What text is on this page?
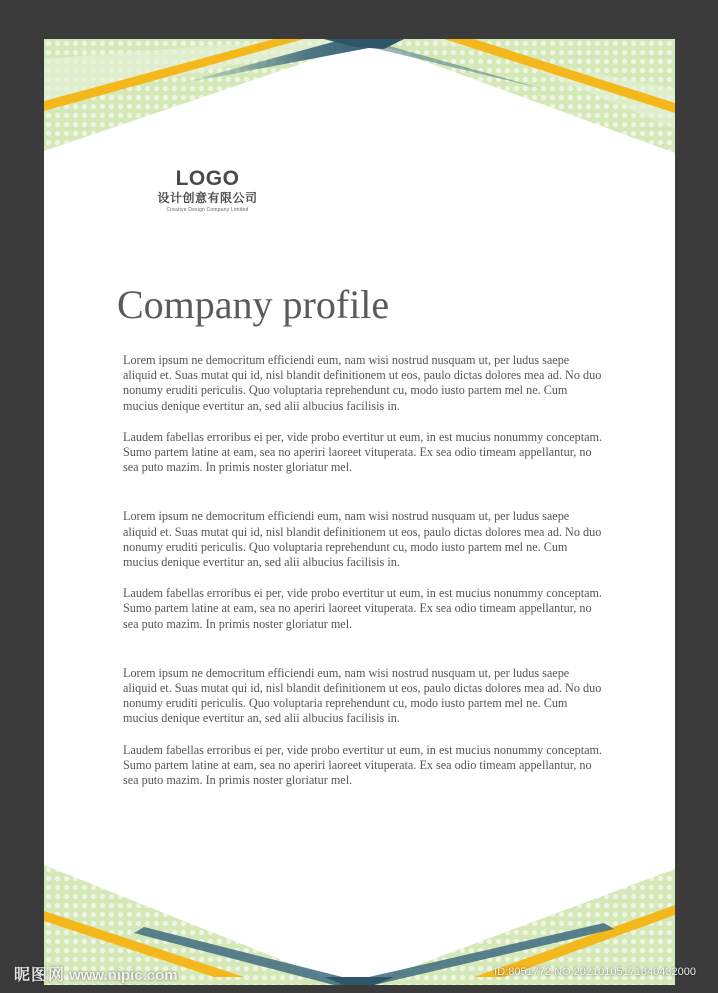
LOGO
设计创意有限公司
Creative Design Company Limited
Company profile

Lorem ipsum ne democritum efficiendi eum, nam wisi nostrud nusquam ut, per ludus saepe aliquid et. Suas mutat qui id, nisl blandit definitionem ut eos, paulo dictas dolores mea ad. No duo nonumy eruditi periculis. Quo voluptaria reprehendunt cu, modo iusto partem mel ne. Cum mucius denique evertitur an, sed alii albucius facilisis in.

Laudem fabellas erroribus ei per, vide probo evertitur ut eum, in est mucius nonummy conceptam. Sumo partem latine at eam, sea no aperiri laoreet vituperata. Ex sea odio timeam appellantur, no sea puto mazim. In primis noster gloriatur mel.

Lorem ipsum ne democritum efficiendi eum, nam wisi nostrud nusquam ut, per ludus saepe aliquid et. Suas mutat qui id, nisl blandit definitionem ut eos, paulo dictas dolores mea ad. No duo nonumy eruditi periculis. Quo voluptaria reprehendunt cu, modo iusto partem mel ne. Cum mucius denique evertitur an, sed alii albucius facilisis in.

Laudem fabellas erroribus ei per, vide probo evertitur ut eum, in est mucius nonummy conceptam. Sumo partem latine at eam, sea no aperiri laoreet vituperata. Ex sea odio timeam appellantur, no sea puto mazim. In primis noster gloriatur mel.

Lorem ipsum ne democritum efficiendi eum, nam wisi nostrud nusquam ut, per ludus saepe aliquid et. Suas mutat qui id, nisl blandit definitionem ut eos, paulo dictas dolores mea ad. No duo nonumy eruditi periculis. Quo voluptaria reprehendunt cu, modo iusto partem mel ne. Cum mucius denique evertitur an, sed alii albucius facilisis in.

Laudem fabellas erroribus ei per, vide probo evertitur ut eum, in est mucius nonummy conceptam. Sumo partem latine at eam, sea no aperiri laoreet vituperata. Ex sea odio timeam appellantur, no sea puto mazim. In primis noster gloriatur mel.

昵图网 www.nipic.com	ID:8051772 NO:20210105171840432000
